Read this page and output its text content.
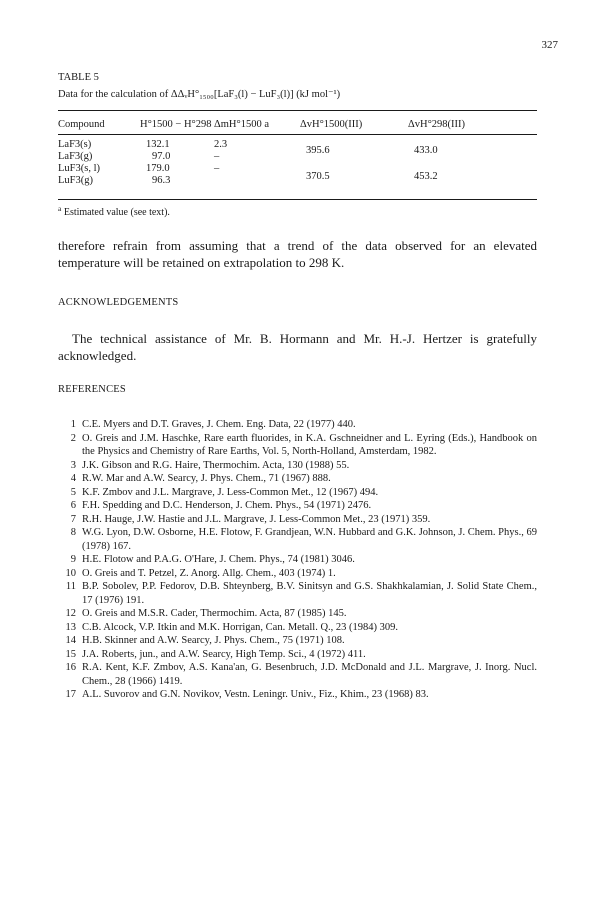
327
TABLE 5
Data for the calculation of ΔΔᵥH°₁₅₀₀[LaF₃(l) − LuF₃(l)] (kJ mol⁻¹)
Compound	H°1500 − H°298	ΔmH°1500 a	ΔvH°1500(III)	ΔvH°298(III)
LaF3(s)	132.1	2.3	395.6	433.0
LaF3(g)	97.0	–		
LuF3(s, l)	179.0	–	370.5	453.2
LuF3(g)	96.3			
$^a$ Estimated value (see text).
therefore refrain from assuming that a trend of the data observed for an elevated temperature will be retained on extrapolation to 298 K.
ACKNOWLEDGEMENTS
The technical assistance of Mr. B. Hormann and Mr. H.-J. Hertzer is gratefully acknowledged.
REFERENCES
1 C.E. Myers and D.T. Graves, J. Chem. Eng. Data, 22 (1977) 440.
2 O. Greis and J.M. Haschke, Rare earth fluorides, in K.A. Gschneidner and L. Eyring (Eds.), Handbook on the Physics and Chemistry of Rare Earths, Vol. 5, North-Holland, Amsterdam, 1982.
3 J.K. Gibson and R.G. Haire, Thermochim. Acta, 130 (1988) 55.
4 R.W. Mar and A.W. Searcy, J. Phys. Chem., 71 (1967) 888.
5 K.F. Zmbov and J.L. Margrave, J. Less-Common Met., 12 (1967) 494.
6 F.H. Spedding and D.C. Henderson, J. Chem. Phys., 54 (1971) 2476.
7 R.H. Hauge, J.W. Hastie and J.L. Margrave, J. Less-Common Met., 23 (1971) 359.
8 W.G. Lyon, D.W. Osborne, H.E. Flotow, F. Grandjean, W.N. Hubbard and G.K. Johnson, J. Chem. Phys., 69 (1978) 167.
9 H.E. Flotow and P.A.G. O'Hare, J. Chem. Phys., 74 (1981) 3046.
10 O. Greis and T. Petzel, Z. Anorg. Allg. Chem., 403 (1974) 1.
11 B.P. Sobolev, P.P. Fedorov, D.B. Shteynberg, B.V. Sinitsyn and G.S. Shakhkalamian, J. Solid State Chem., 17 (1976) 191.
12 O. Greis and M.S.R. Cader, Thermochim. Acta, 87 (1985) 145.
13 C.B. Alcock, V.P. Itkin and M.K. Horrigan, Can. Metall. Q., 23 (1984) 309.
14 H.B. Skinner and A.W. Searcy, J. Phys. Chem., 75 (1971) 108.
15 J.A. Roberts, jun., and A.W. Searcy, High Temp. Sci., 4 (1972) 411.
16 R.A. Kent, K.F. Zmbov, A.S. Kana'an, G. Besenbruch, J.D. McDonald and J.L. Margrave, J. Inorg. Nucl. Chem., 28 (1966) 1419.
17 A.L. Suvorov and G.N. Novikov, Vestn. Leningr. Univ., Fiz., Khim., 23 (1968) 83.
